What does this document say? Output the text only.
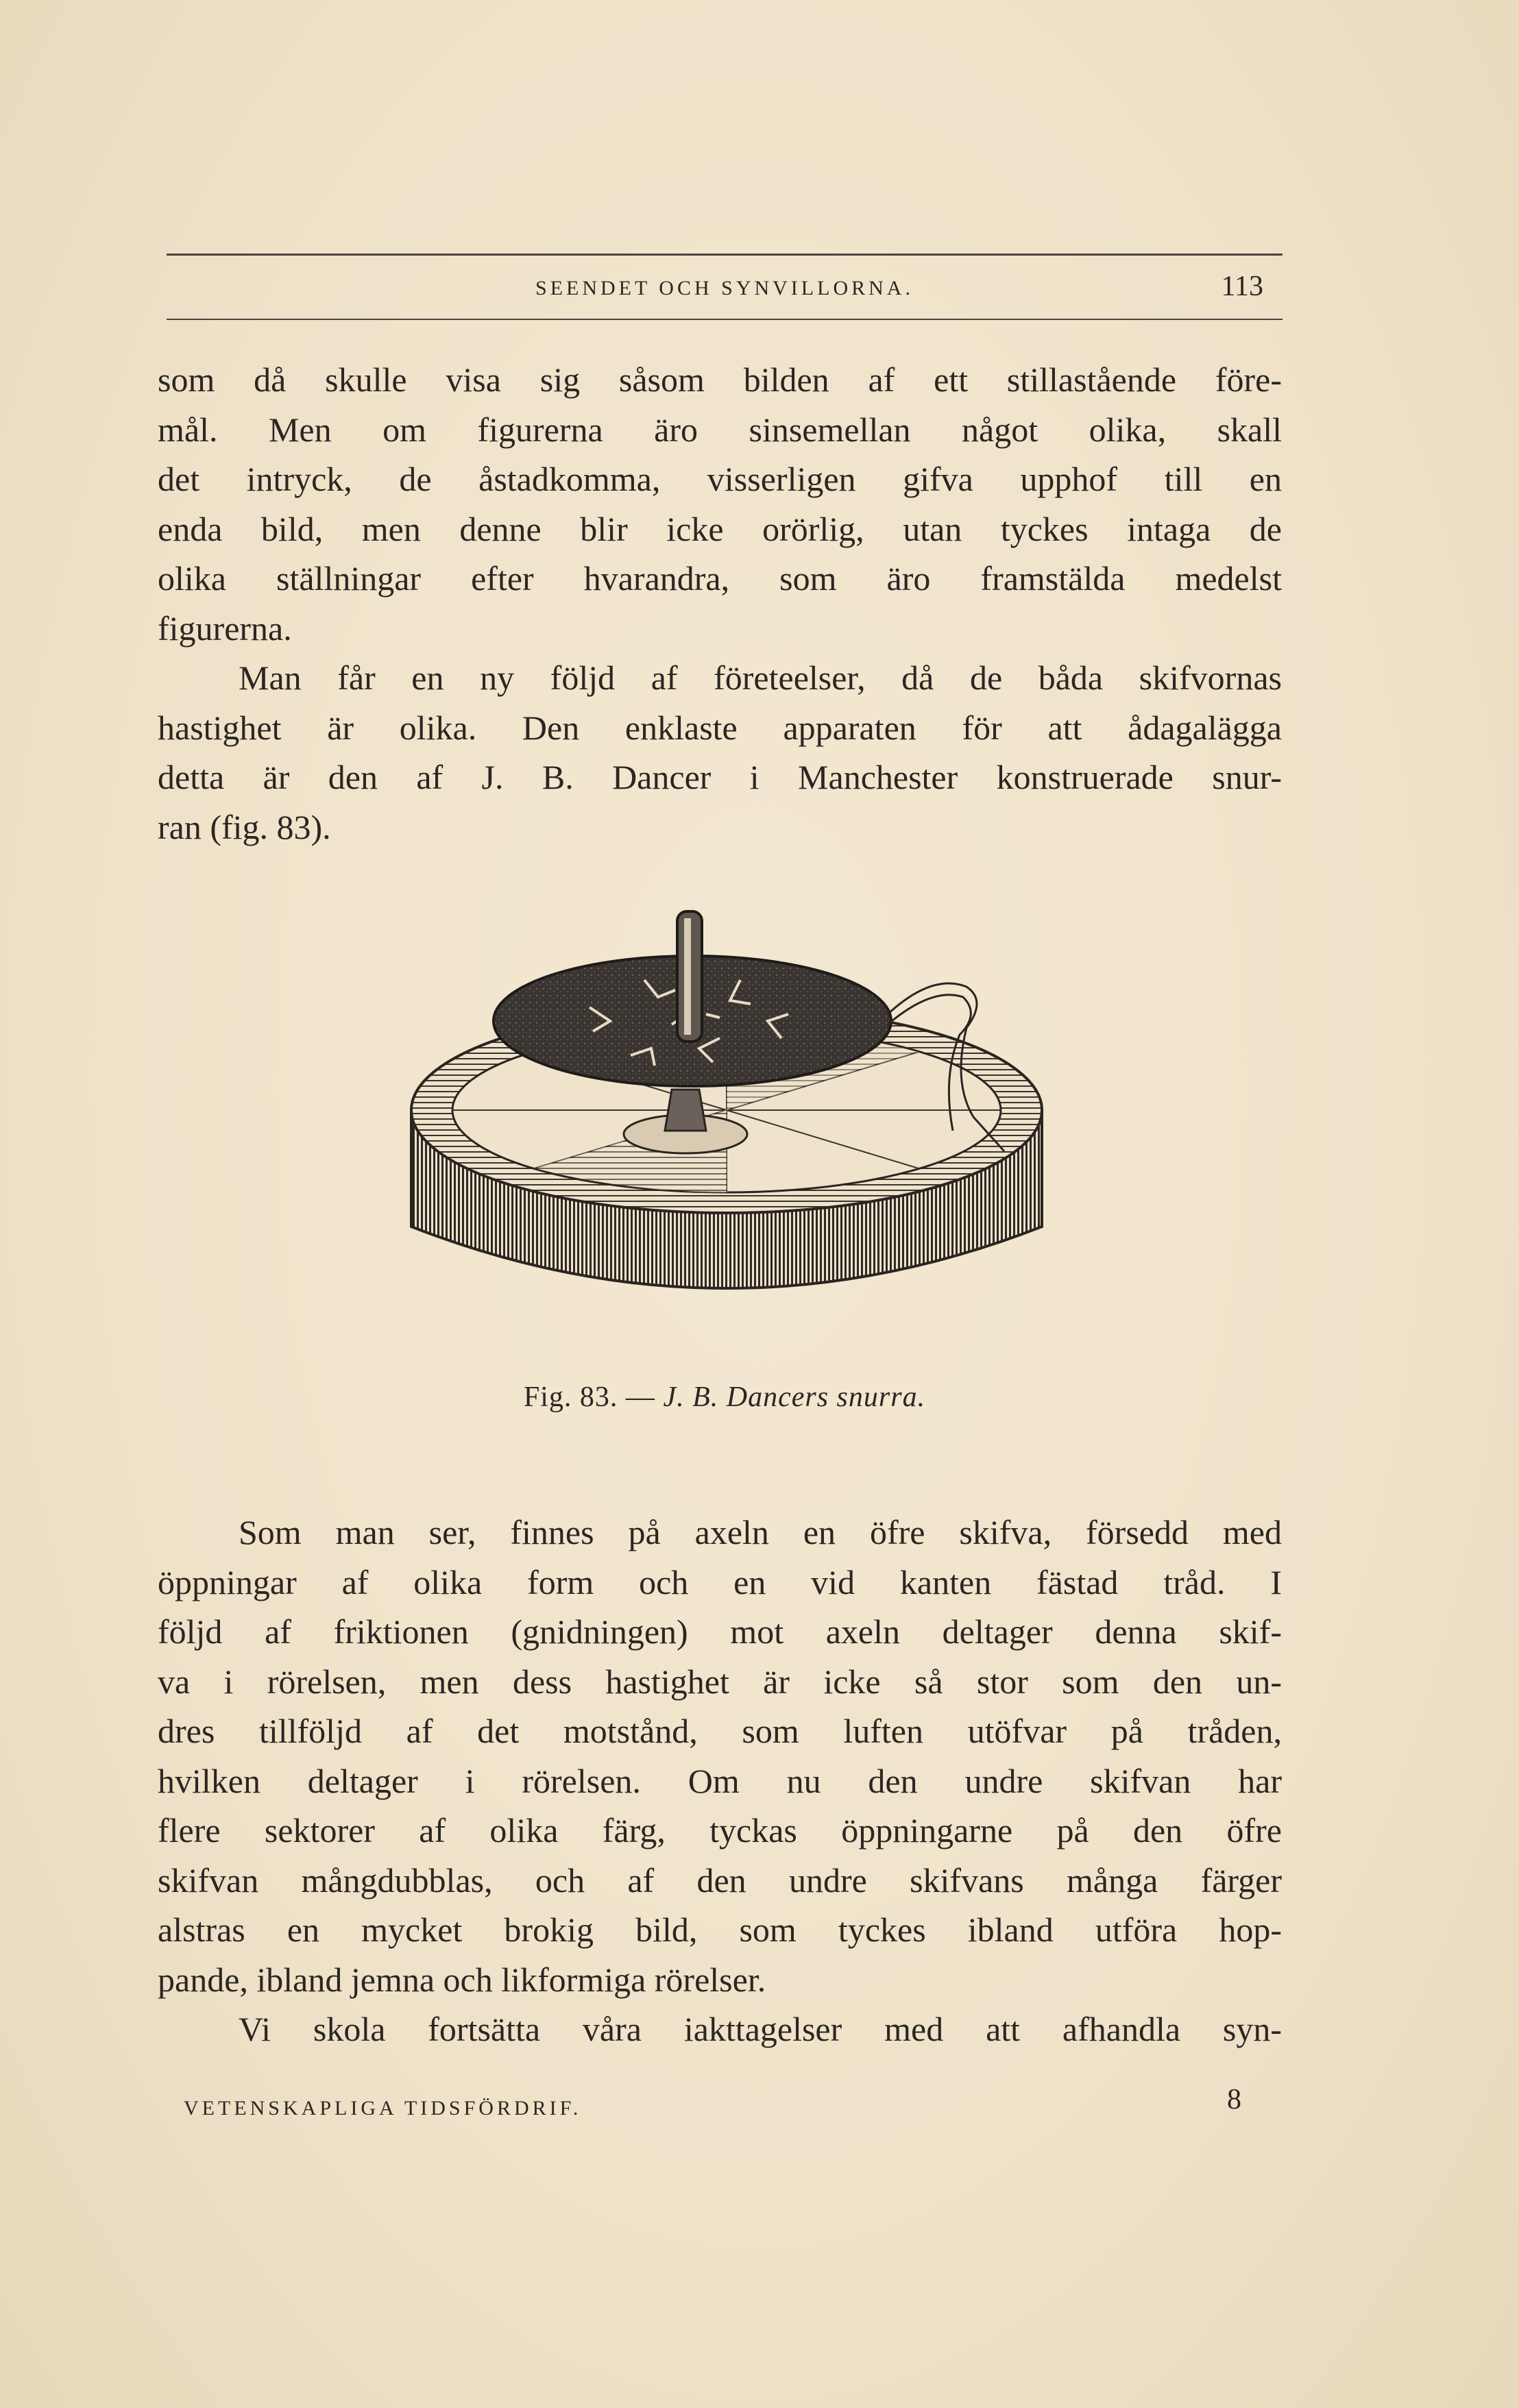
SEENDET OCH SYNVILLORNA.	113
som då skulle visa sig såsom bilden af ett stillastående före-
mål. Men om figurerna äro sinsemellan något olika, skall
det intryck, de åstadkomma, visserligen gifva upphof till en
enda bild, men denne blir icke orörlig, utan tyckes intaga de
olika ställningar efter hvarandra, som äro framstälda medelst
figurerna.
Man får en ny följd af företeelser, då de båda skifvornas
hastighet är olika. Den enklaste apparaten för att ådagalägga
detta är den af J. B. Dancer i Manchester konstruerade snur-
ran (fig. 83).
Fig. 83. — J. B. Dancers snurra.
Som man ser, finnes på axeln en öfre skifva, försedd med
öppningar af olika form och en vid kanten fästad tråd. I
följd af friktionen (gnidningen) mot axeln deltager denna skif-
va i rörelsen, men dess hastighet är icke så stor som den un-
dres tillföljd af det motstånd, som luften utöfvar på tråden,
hvilken deltager i rörelsen. Om nu den undre skifvan har
flere sektorer af olika färg, tyckas öppningarne på den öfre
skifvan mångdubblas, och af den undre skifvans många färger
alstras en mycket brokig bild, som tyckes ibland utföra hop-
pande, ibland jemna och likformiga rörelser.
Vi skola fortsätta våra iakttagelser med att afhandla syn-
VETENSKAPLIGA TIDSFÖRDRIF.	8
